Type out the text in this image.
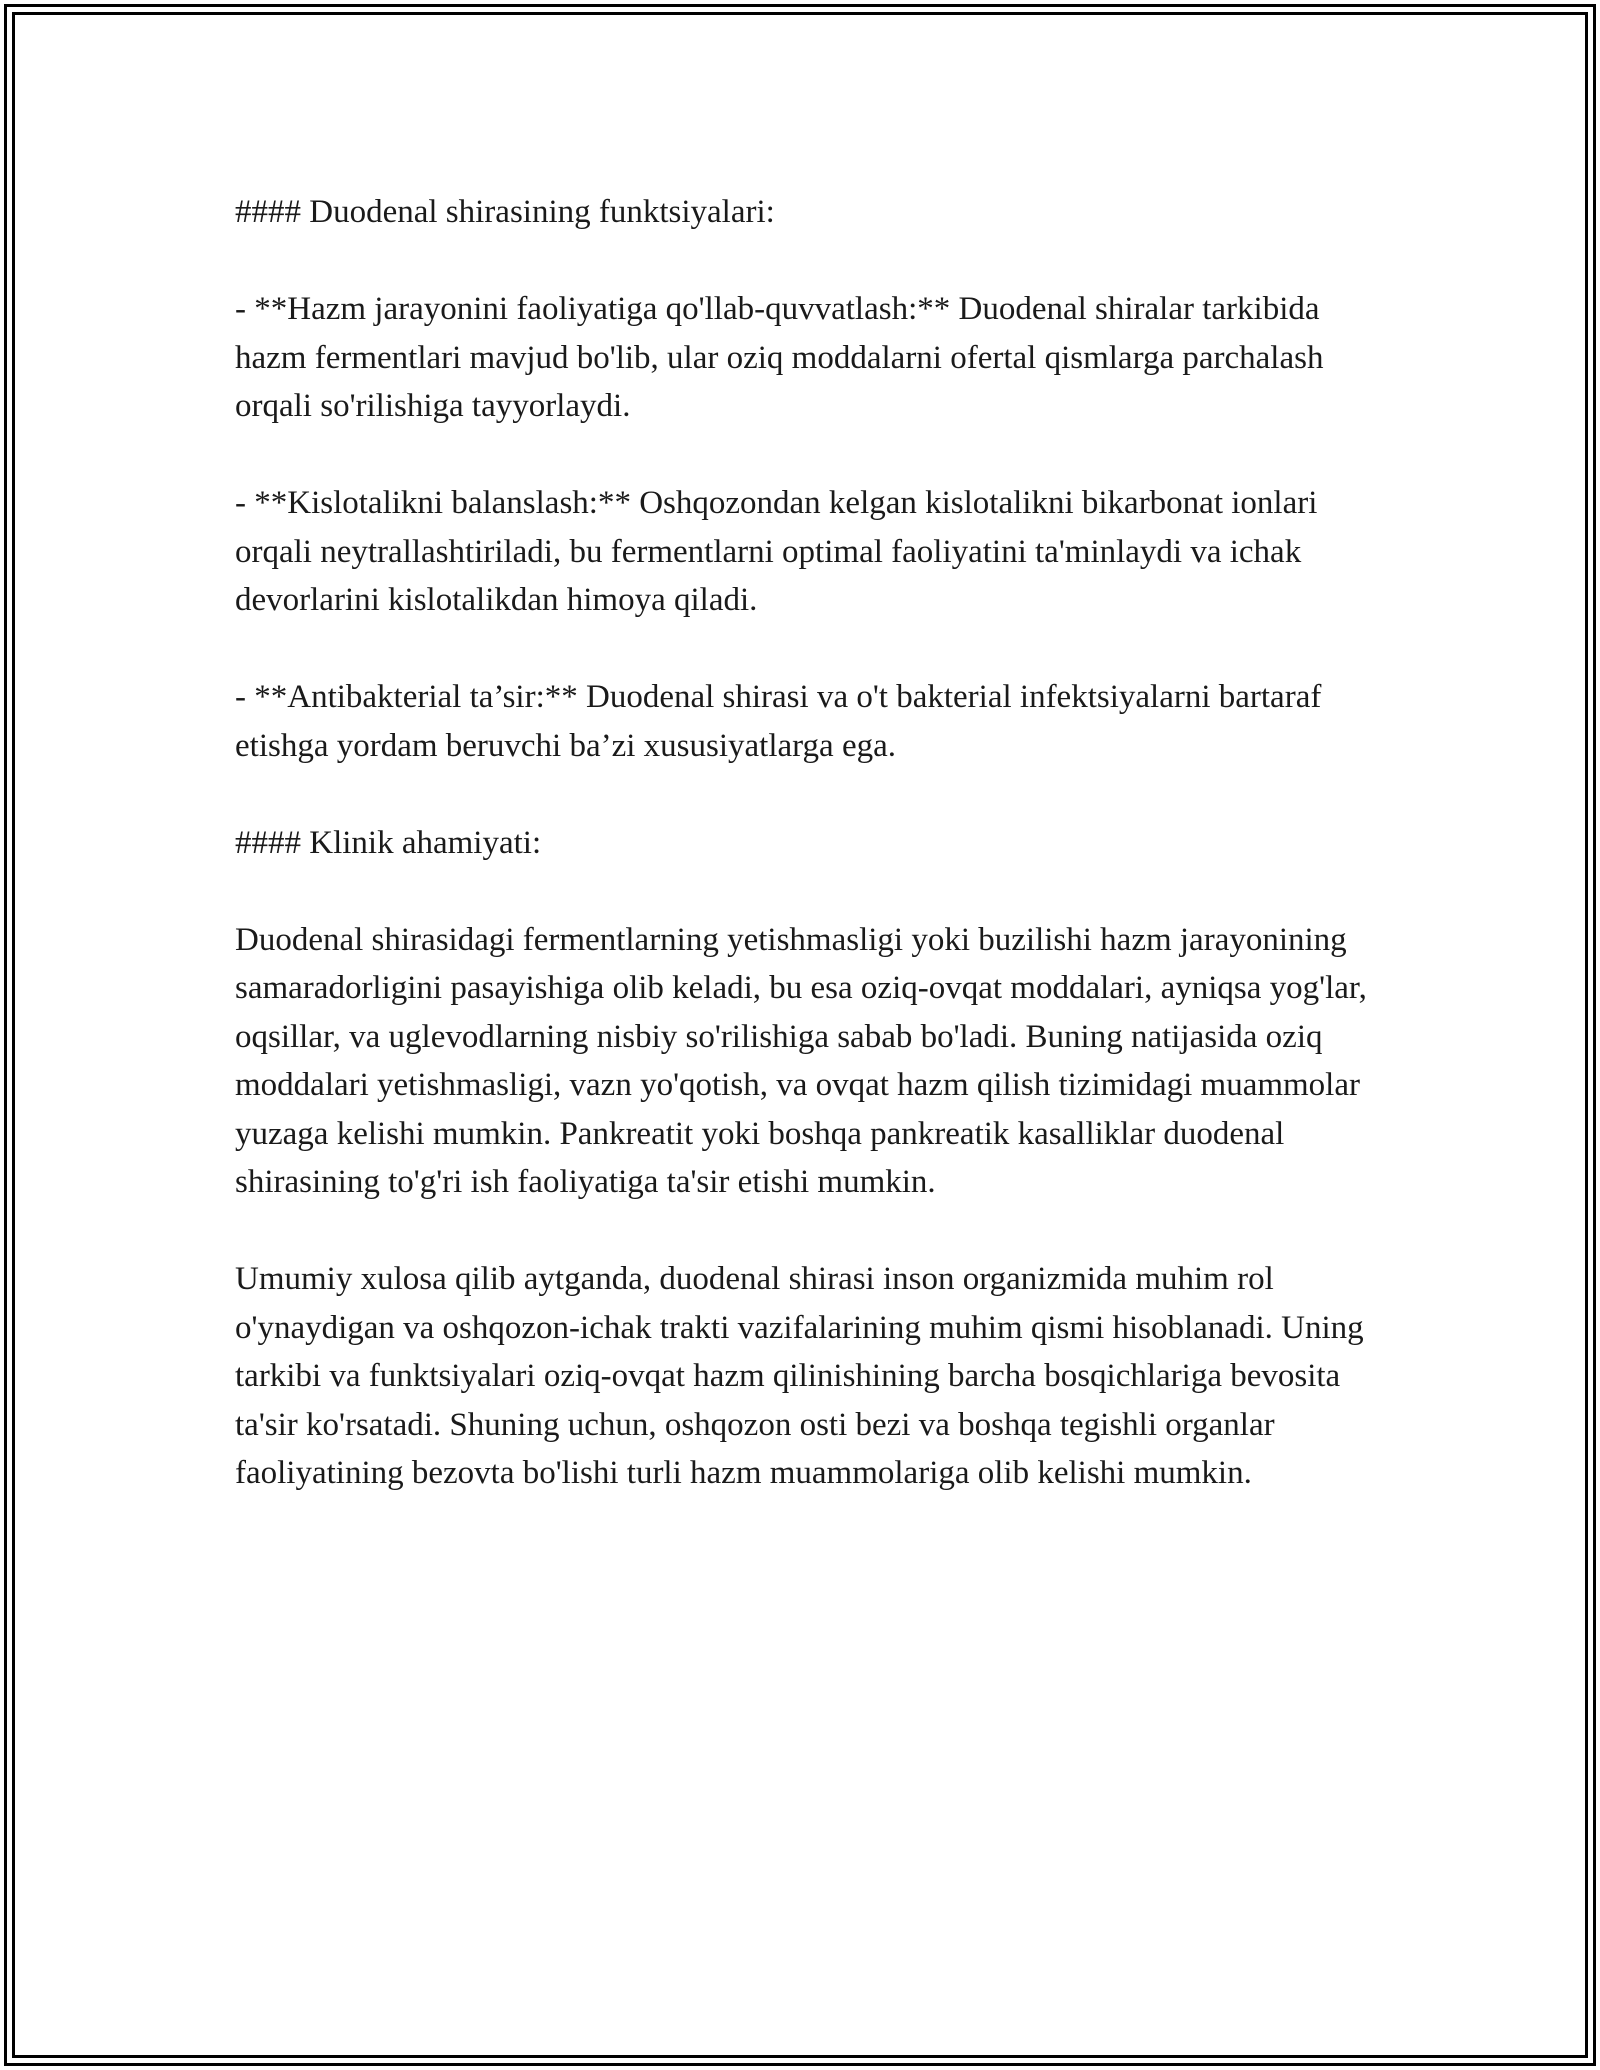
#### Duodenal shirasining funktsiyalari:

- **Hazm jarayonini faoliyatiga qo'llab-quvvatlash:** Duodenal shiralar tarkibida hazm fermentlari mavjud bo'lib, ular oziq moddalarni ofertal qismlarga parchalash orqali so'rilishiga tayyorlaydi.

- **Kislotalikni balanslash:** Oshqozondan kelgan kislotalikni bikarbonat ionlari orqali neytrallashtiriladi, bu fermentlarni optimal faoliyatini ta'minlaydi va ichak devorlarini kislotalikdan himoya qiladi.

- **Antibakterial ta’sir:** Duodenal shirasi va o't bakterial infektsiyalarni bartaraf etishga yordam beruvchi ba’zi xususiyatlarga ega.

#### Klinik ahamiyati:

Duodenal shirasidagi fermentlarning yetishmasligi yoki buzilishi hazm jarayonining samaradorligini pasayishiga olib keladi, bu esa oziq-ovqat moddalari, ayniqsa yog'lar, oqsillar, va uglevodlarning nisbiy so'rilishiga sabab bo'ladi. Buning natijasida oziq moddalari yetishmasligi, vazn yo'qotish, va ovqat hazm qilish tizimidagi muammolar yuzaga kelishi mumkin. Pankreatit yoki boshqa pankreatik kasalliklar duodenal shirasining to'g'ri ish faoliyatiga ta'sir etishi mumkin.

Umumiy xulosa qilib aytganda, duodenal shirasi inson organizmida muhim rol o'ynaydigan va oshqozon-ichak trakti vazifalarining muhim qismi hisoblanadi. Uning tarkibi va funktsiyalari oziq-ovqat hazm qilinishining barcha bosqichlariga bevosita ta'sir ko'rsatadi. Shuning uchun, oshqozon osti bezi va boshqa tegishli organlar faoliyatining bezovta bo'lishi turli hazm muammolariga olib kelishi mumkin.
